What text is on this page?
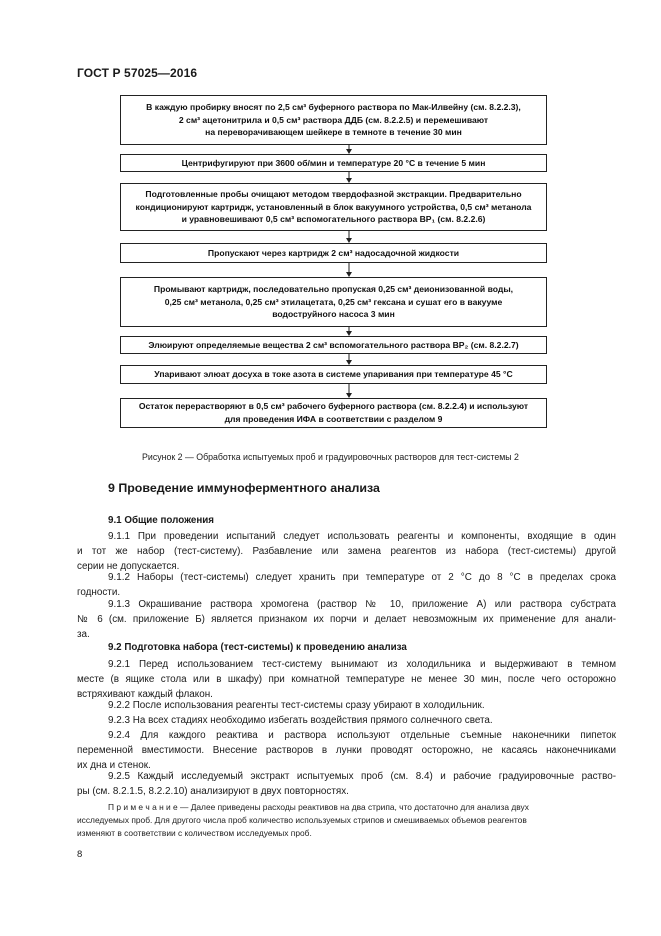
ГОСТ Р 57025—2016
В каждую пробирку вносят по 2,5 см³ буферного раствора по Мак-Илвейну (см. 8.2.2.3),
2 см³ ацетонитрила и 0,5 см³ раствора ДДБ (см. 8.2.2.5) и перемешивают
на переворачивающем шейкере в темноте в течение 30 мин
Центрифугируют при 3600 об/мин и температуре 20 °С в течение 5 мин
Подготовленные пробы очищают методом твердофазной экстракции. Предварительно
кондиционируют картридж, установленный в блок вакуумного устройства, 0,5 см³ метанола
и уравновешивают 0,5 см³ вспомогательного раствора ВР₁ (см. 8.2.2.6)
Пропускают через картридж 2 см³ надосадочной жидкости
Промывают картридж, последовательно пропуская 0,25 см³ деионизованной воды,
0,25 см³ метанола, 0,25 см³ этилацетата, 0,25 см³ гексана и сушат его в вакууме
водоструйного насоса 3 мин
Элюируют определяемые вещества 2 см³ вспомогательного раствора ВР₂ (см. 8.2.2.7)
Упаривают элюат досуха в токе азота в системе упаривания при температуре 45 °С
Остаток перерастворяют в 0,5 см³ рабочего буферного раствора (см. 8.2.2.4) и используют
для проведения ИФА в соответствии с разделом 9
Рисунок 2 — Обработка испытуемых проб и градуировочных растворов для тест-системы 2
9 Проведение иммуноферментного анализа
9.1 Общие положения
9.1.1 При проведении испытаний следует использовать реагенты и компоненты, входящие в один
и тот же набор (тест-систему). Разбавление или замена реагентов из набора (тест-системы) другой
серии не допускается.
9.1.2 Наборы (тест-системы) следует хранить при температуре от 2 °С до 8 °С в пределах срока
годности.
9.1.3 Окрашивание раствора хромогена (раствор № 10, приложение А) или раствора субстрата
№ 6 (см. приложение Б) является признаком их порчи и делает невозможным их применение для анали-
за.
9.2 Подготовка набора (тест-системы) к проведению анализа
9.2.1 Перед использованием тест-систему вынимают из холодильника и выдерживают в темном
месте (в ящике стола или в шкафу) при комнатной температуре не менее 30 мин, после чего осторожно
встряхивают каждый флакон.
9.2.2 После использования реагенты тест-системы сразу убирают в холодильник.
9.2.3 На всех стадиях необходимо избегать воздействия прямого солнечного света.
9.2.4 Для каждого реактива и раствора используют отдельные съемные наконечники пипеток
переменной вместимости. Внесение растворов в лунки проводят осторожно, не касаясь наконечниками
их дна и стенок.
9.2.5 Каждый исследуемый экстракт испытуемых проб (см. 8.4) и рабочие градуировочные раство-
ры (см. 8.2.1.5, 8.2.2.10) анализируют в двух повторностях.
П р и м е ч а н и е — Далее приведены расходы реактивов на два стрипа, что достаточно для анализа двух
исследуемых проб. Для другого числа проб количество используемых стрипов и смешиваемых объемов реагентов
изменяют в соответствии с количеством исследуемых проб.
8
